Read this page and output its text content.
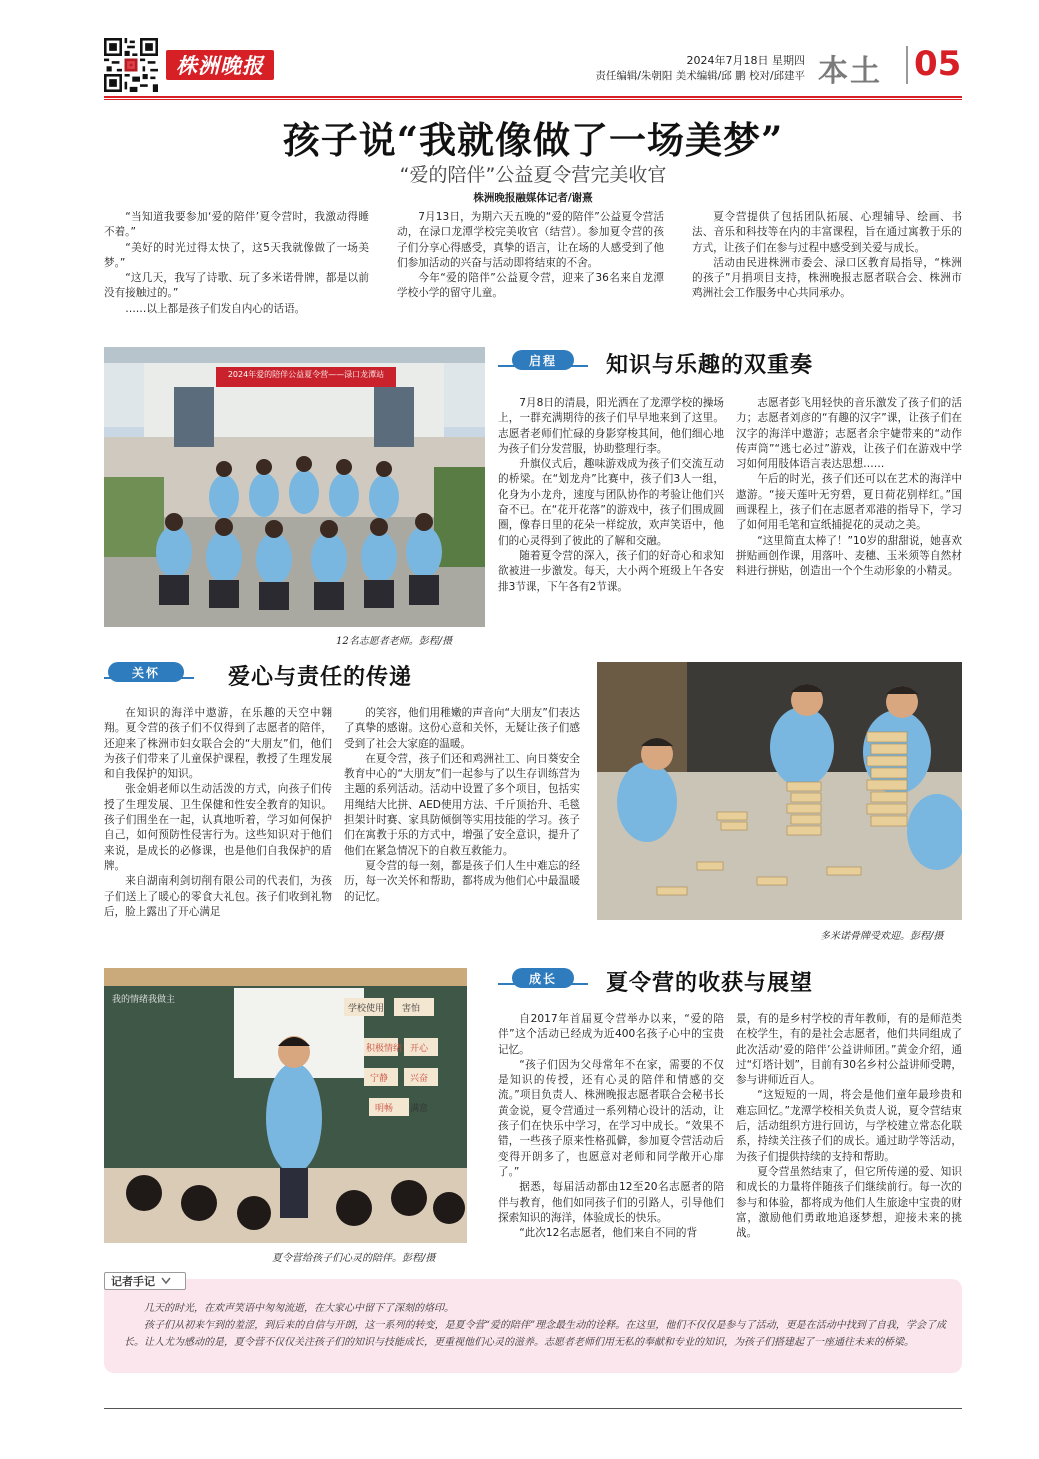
株洲晚报	2024年7月18日 星期四
责任编辑/朱朝阳 美术编辑/邱 鹏 校对/邱建平 本土 05
孩子说“我就像做了一场美梦”
“爱的陪伴”公益夏令营完美收官
株洲晚报融媒体记者/谢熹

“当知道我要参加‘爱的陪伴’夏令营时，我激动得睡不着。”

“美好的时光过得太快了，这5天我就像做了一场美梦。”

“这几天，我写了诗歌、玩了多米诺骨牌，都是以前没有接触过的。”

……以上都是孩子们发自内心的话语。

7月13日，为期六天五晚的“爱的陪伴”公益夏令营活动，在渌口龙潭学校完美收官（结营）。参加夏令营的孩子们分享心得感受，真挚的语言，让在场的人感受到了他们参加活动的兴奋与活动即将结束的不舍。

今年“爱的陪伴”公益夏令营，迎来了36名来自龙潭学校小学的留守儿童。

夏令营提供了包括团队拓展、心理辅导、绘画、书法、音乐和科技等在内的丰富课程，旨在通过寓教于乐的方式，让孩子们在参与过程中感受到关爱与成长。

活动由民进株洲市委会、渌口区教育局指导，“株洲的孩子”月捐项目支持，株洲晚报志愿者联合会、株洲市鸡洲社会工作服务中心共同承办。

2024年爱的陪伴公益夏令营——渌口龙潭站
12名志愿者老师。彭程/摄
启程 知识与乐趣的双重奏

7月8日的清晨，阳光洒在了龙潭学校的操场上，一群充满期待的孩子们早早地来到了这里。志愿者老师们忙碌的身影穿梭其间，他们细心地为孩子们分发营服，协助整理行李。

升旗仪式后，趣味游戏成为孩子们交流互动的桥梁。在“划龙舟”比赛中，孩子们3人一组，化身为小龙舟，速度与团队协作的考验让他们兴奋不已。在“花开花落”的游戏中，孩子们围成圆圈，像春日里的花朵一样绽放，欢声笑语中，他们的心灵得到了彼此的了解和交融。

随着夏令营的深入，孩子们的好奇心和求知欲被进一步激发。每天，大小两个班级上午各安排3节课，下午各有2节课。

志愿者彭飞用轻快的音乐激发了孩子们的活力；志愿者刘彦的“有趣的汉字”课，让孩子们在汉字的海洋中遨游；志愿者余宇婕带来的“动作传声筒”“逃七必过”游戏，让孩子们在游戏中学习如何用肢体语言表达思想……

午后的时光，孩子们还可以在艺术的海洋中遨游。“接天莲叶无穷碧，夏日荷花别样红。”国画课程上，孩子们在志愿者邓港的指导下，学习了如何用毛笔和宣纸捕捉花的灵动之美。

“这里简直太棒了！”10岁的甜甜说，她喜欢拼贴画创作课，用落叶、麦穗、玉米须等自然材料进行拼贴，创造出一个个生动形象的小精灵。

关怀	爱心与责任的传递

在知识的海洋中遨游，在乐趣的天空中翱翔。夏令营的孩子们不仅得到了志愿者的陪伴，还迎来了株洲市妇女联合会的“大朋友”们，他们为孩子们带来了儿童保护课程，教授了生理发展和自我保护的知识。

张金娟老师以生动活泼的方式，向孩子们传授了生理发展、卫生保健和性安全教育的知识。孩子们围坐在一起，认真地听着，学习如何保护自己，如何预防性侵害行为。这些知识对于他们来说，是成长的必修课，也是他们自我保护的盾牌。

来自湖南利剑切削有限公司的代表们，为孩子们送上了暖心的零食大礼包。孩子们收到礼物后，脸上露出了开心满足

的笑容，他们用稚嫩的声音向“大朋友”们表达了真挚的感谢。这份心意和关怀，无疑让孩子们感受到了社会大家庭的温暖。

在夏令营，孩子们还和鸡洲社工、向日葵安全教育中心的“大朋友”们一起参与了以生存训练营为主题的系列活动。活动中设置了多个项目，包括实用绳结大比拼、AED使用方法、千斤顶抬升、毛毯担架计时赛、家具防倾倒等实用技能的学习。孩子们在寓教于乐的方式中，增强了安全意识，提升了他们在紧急情况下的自救互救能力。

夏令营的每一刻，都是孩子们人生中难忘的经历，每一次关怀和帮助，都将成为他们心中最温暖的记忆。

多米诺骨牌受欢迎。彭程/摄
学校使用 害怕
我的情绪我做主
积极情绪 开心
宁静 兴奋
明畅 满意
夏令营给孩子们心灵的陪伴。彭程/摄
成长 夏令营的收获与展望

自2017年首届夏令营举办以来，“爱的陪伴”这个活动已经成为近400名孩子心中的宝贵记忆。

“孩子们因为父母常年不在家，需要的不仅是知识的传授，还有心灵的陪伴和情感的交流。”项目负责人、株洲晚报志愿者联合会秘书长黄金说，夏令营通过一系列精心设计的活动，让孩子们在快乐中学习，在学习中成长。“效果不错，一些孩子原来性格孤僻，参加夏令营活动后变得开朗多了，也愿意对老师和同学敞开心扉了。”

据悉，每届活动都由12至20名志愿者的陪伴与教育，他们如同孩子们的引路人，引导他们探索知识的海洋，体验成长的快乐。

“此次12名志愿者，他们来自不同的背

景，有的是乡村学校的青年教师，有的是师范类在校学生，有的是社会志愿者，他们共同组成了此次活动‘爱的陪伴’公益讲师团。”黄金介绍，通过“灯塔计划”，目前有30名乡村公益讲师受聘，参与讲师近百人。

“这短短的一周，将会是他们童年最珍贵和难忘回忆。”龙潭学校相关负责人说，夏令营结束后，活动组织方进行回访，与学校建立常态化联系，持续关注孩子们的成长。通过助学等活动，为孩子们提供持续的支持和帮助。

夏令营虽然结束了，但它所传递的爱、知识和成长的力量将伴随孩子们继续前行。每一次的参与和体验，都将成为他们人生旅途中宝贵的财富，激励他们勇敢地追逐梦想，迎接未来的挑战。

记者手记

几天的时光，在欢声笑语中匆匆流逝，在大家心中留下了深刻的烙印。

孩子们从初来乍到的羞涩，到后来的自信与开朗，这一系列的转变，是夏令营“爱的陪伴”理念最生动的诠释。在这里，他们不仅仅是参与了活动，更是在活动中找到了自我，学会了成长。让人尤为感动的是，夏令营不仅仅关注孩子们的知识与技能成长，更重视他们心灵的滋养。志愿者老师们用无私的奉献和专业的知识，为孩子们搭建起了一座通往未来的桥梁。
